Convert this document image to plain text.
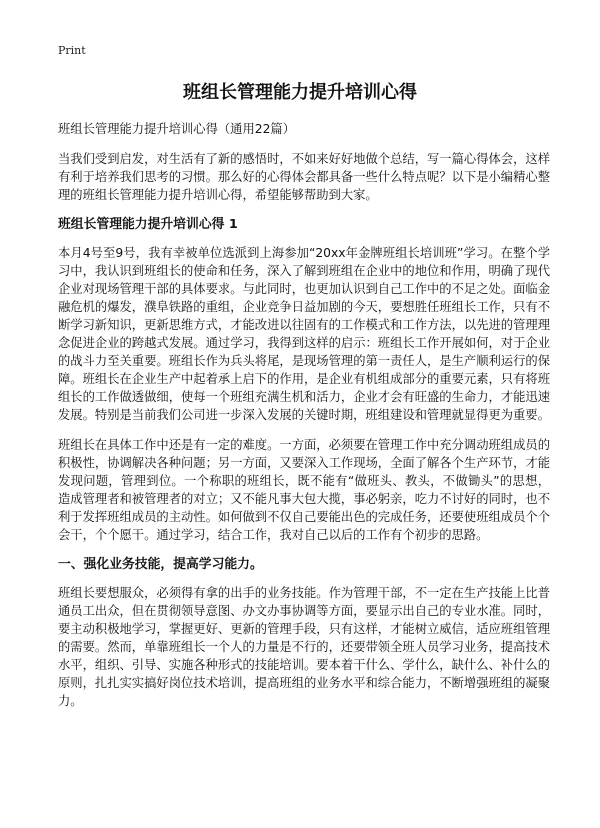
Print
班组长管理能力提升培训心得

班组长管理能力提升培训心得（通用22篇）

当我们受到启发，对生活有了新的感悟时，不如来好好地做个总结，写一篇心得体会，这样有利于培养我们思考的习惯。那么好的心得体会都具备一些什么特点呢？以下是小编精心整理的班组长管理能力提升培训心得，希望能够帮助到大家。

班组长管理能力提升培训心得 1

本月4号至9号，我有幸被单位选派到上海参加“20xx年金牌班组长培训班”学习。在整个学习中，我认识到班组长的使命和任务，深入了解到班组在企业中的地位和作用，明确了现代企业对现场管理干部的具体要求。与此同时，也更加认识到自己工作中的不足之处。面临金融危机的爆发，濮阜铁路的重组，企业竞争日益加剧的今天，要想胜任班组长工作，只有不断学习新知识，更新思维方式，才能改进以往固有的工作模式和工作方法，以先进的管理理念促进企业的跨越式发展。通过学习，我得到这样的启示：班组长工作开展如何，对于企业的战斗力至关重要。班组长作为兵头将尾，是现场管理的第一责任人，是生产顺利运行的保障。班组长在企业生产中起着承上启下的作用，是企业有机组成部分的重要元素，只有将班组长的工作做透做细，使每一个班组充满生机和活力，企业才会有旺盛的生命力，才能迅速发展。特别是当前我们公司进一步深入发展的关键时期，班组建设和管理就显得更为重要。

班组长在具体工作中还是有一定的难度。一方面，必须要在管理工作中充分调动班组成员的积极性，协调解决各种问题；另一方面，又要深入工作现场，全面了解各个生产环节，才能发现问题，管理到位。一个称职的班组长，既不能有“做班头、教头，不做锄头”的思想，造成管理者和被管理者的对立；又不能凡事大包大揽，事必躬亲，吃力不讨好的同时，也不利于发挥班组成员的主动性。如何做到不仅自己要能出色的完成任务，还要使班组成员个个会干，个个愿干。通过学习，结合工作，我对自己以后的工作有个初步的思路。

一、强化业务技能，提高学习能力。

班组长要想服众，必须得有拿的出手的业务技能。作为管理干部，不一定在生产技能上比普通员工出众，但在贯彻领导意图、办文办事协调等方面，要显示出自己的专业水准。同时，要主动积极地学习，掌握更好、更新的管理手段，只有这样，才能树立威信，适应班组管理的需要。然而，单靠班组长一个人的力量是不行的，还要带领全班人员学习业务，提高技术水平，组织、引导、实施各种形式的技能培训。要本着干什么、学什么，缺什么、补什么的原则，扎扎实实搞好岗位技术培训，提高班组的业务水平和综合能力，不断增强班组的凝聚力。
